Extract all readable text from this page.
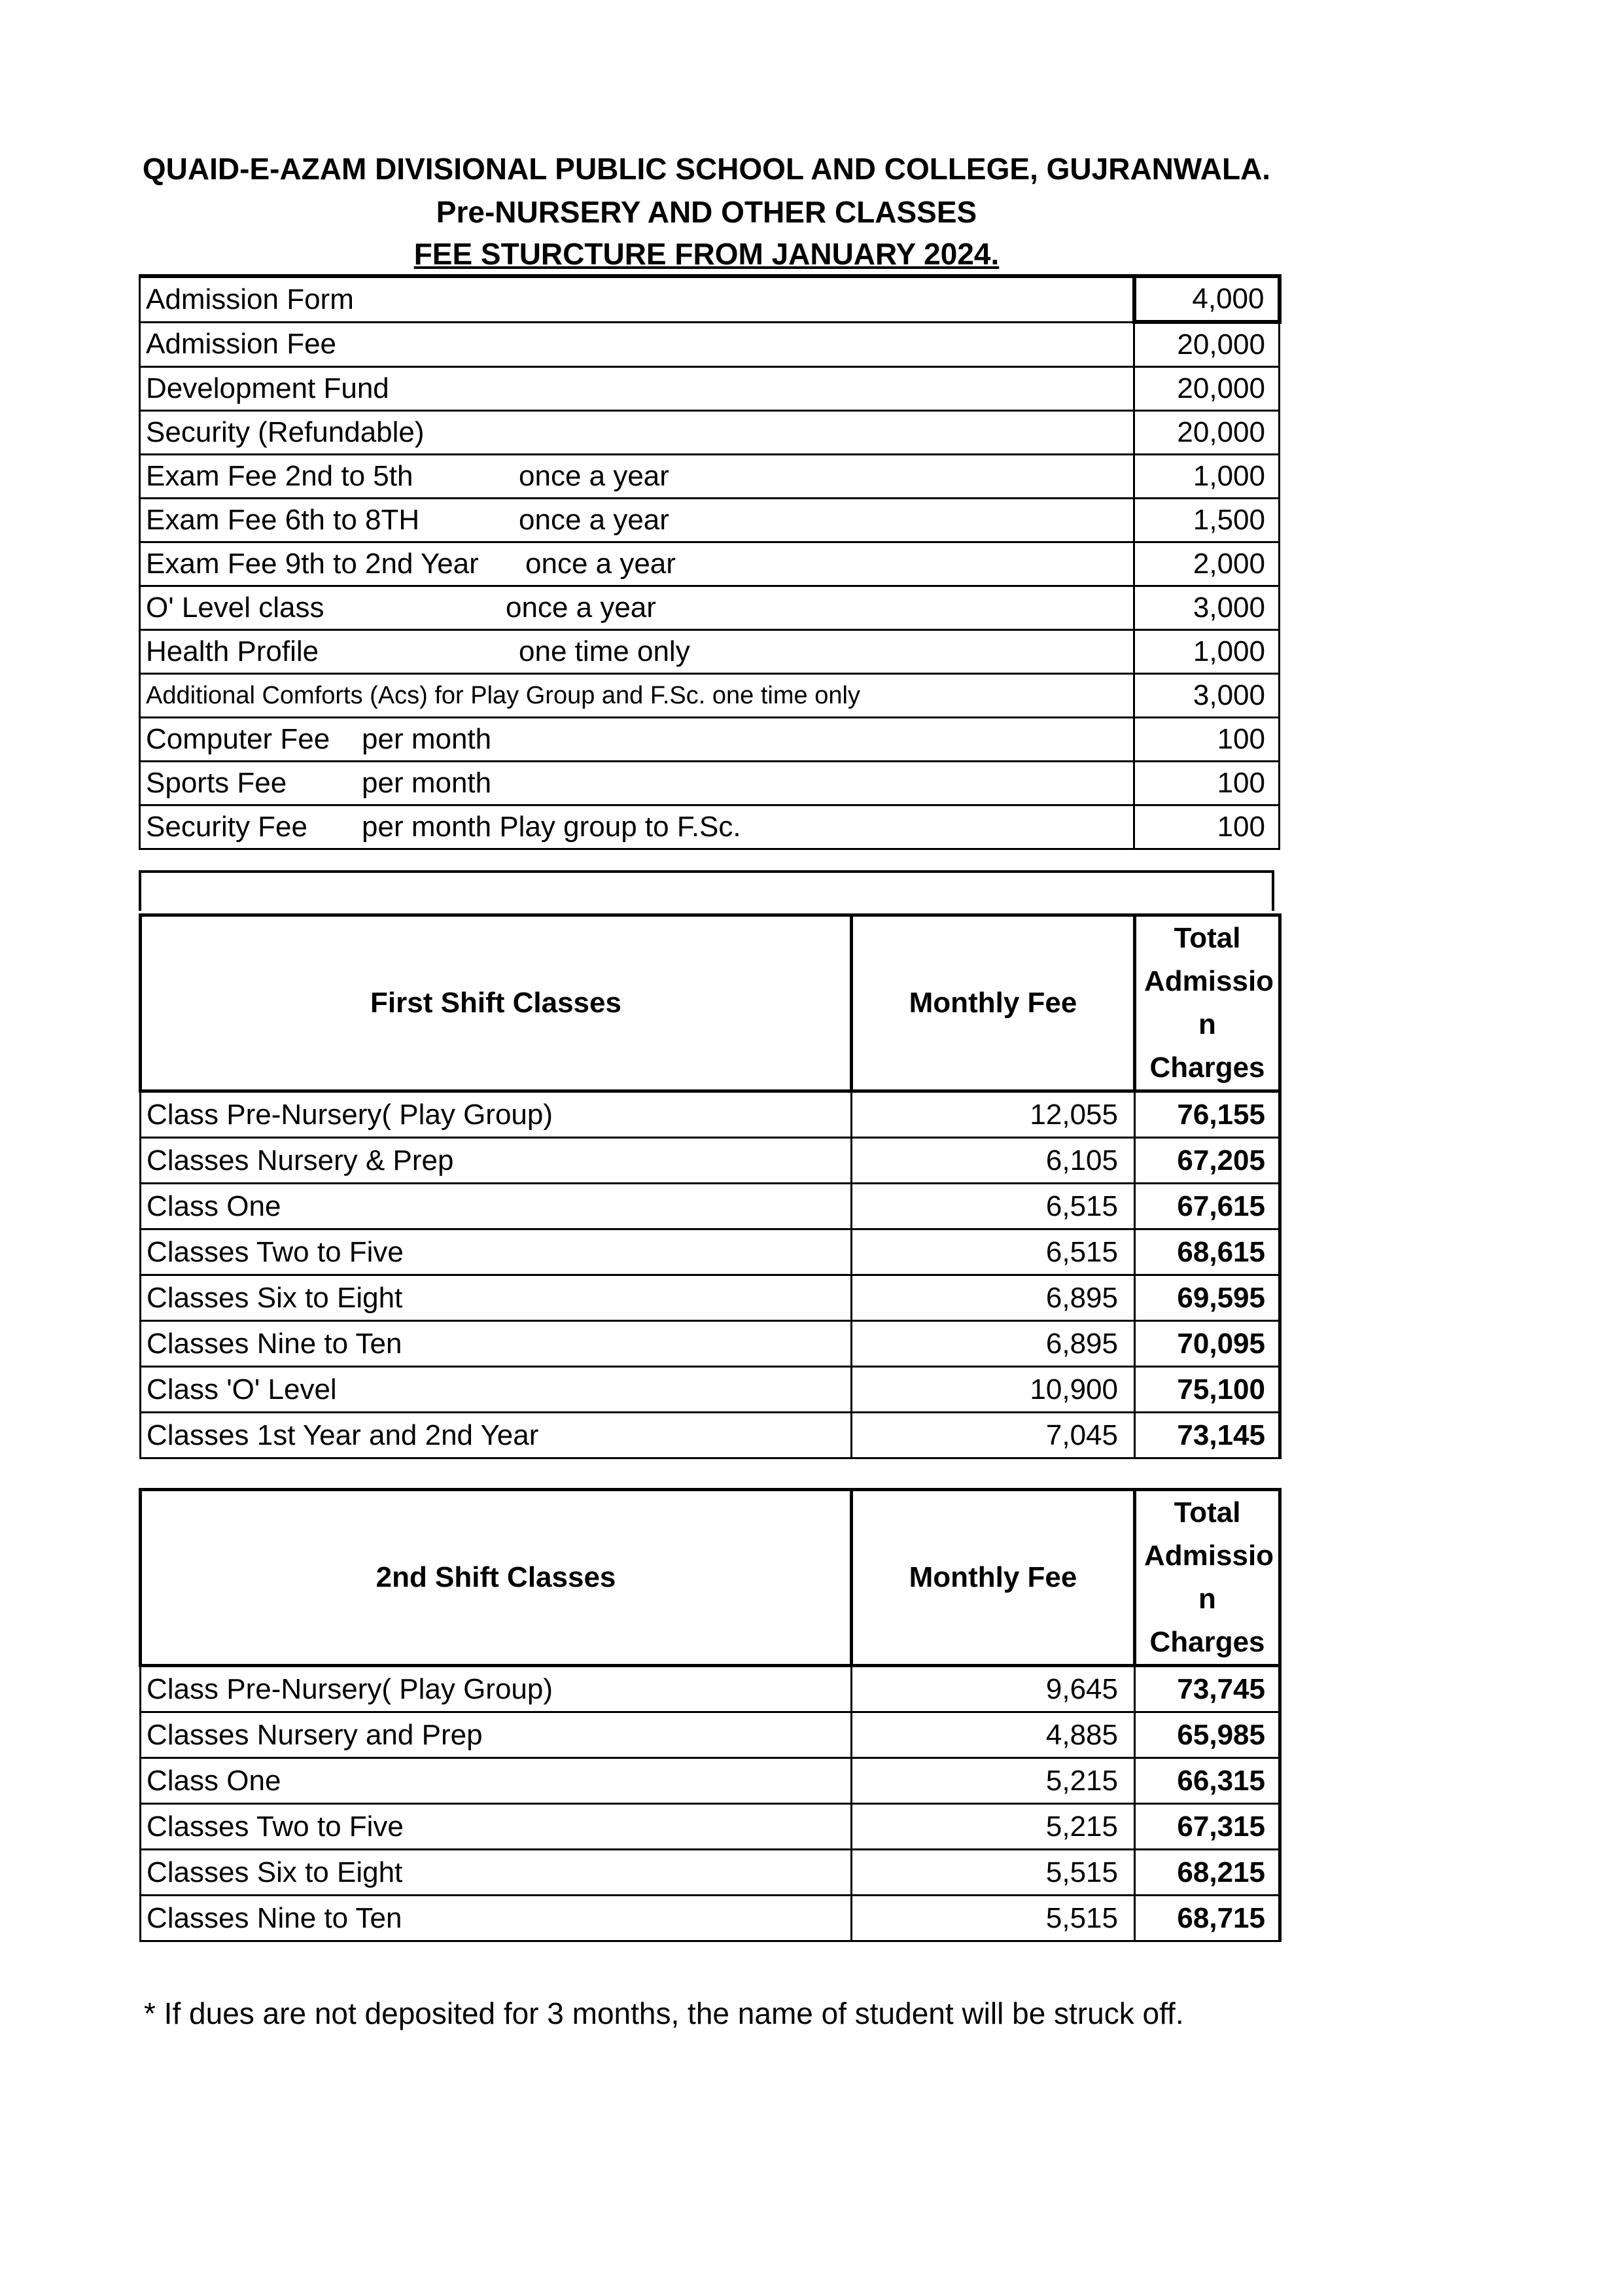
QUAID-E-AZAM DIVISIONAL PUBLIC SCHOOL AND COLLEGE, GUJRANWALA.
Pre-NURSERY AND OTHER CLASSES
FEE STURCTURE FROM JANUARY 2024.
Admission Form	4,000
Admission Fee	20,000
Development Fund	20,000
Security (Refundable)	20,000
Exam Fee 2nd to 5th once a year	1,000
Exam Fee 6th to 8TH once a year	1,500
Exam Fee 9th to 2nd Year once a year	2,000
O' Level class once a year	3,000
Health Profile one time only	1,000
Additional Comforts (Acs) for Play Group and F.Sc. one time only	3,000
Computer Fee per month	100
Sports Fee per month	100
Security Fee per month Play group to F.Sc.	100
First Shift Classes	Monthly Fee	Total
Admissio
n
Charges

Class Pre-Nursery( Play Group)	12,055	76,155
Classes Nursery & Prep	6,105	67,205
Class One	6,515	67,615
Classes Two to Five	6,515	68,615
Classes Six to Eight	6,895	69,595
Classes Nine to Ten	6,895	70,095
Class 'O' Level	10,900	75,100
Classes 1st Year and 2nd Year	7,045	73,145
2nd Shift Classes	Monthly Fee	Total
Admissio
n
Charges

Class Pre-Nursery( Play Group)	9,645	73,745
Classes Nursery and Prep	4,885	65,985
Class One	5,215	66,315
Classes Two to Five	5,215	67,315
Classes Six to Eight	5,515	68,215
Classes Nine to Ten	5,515	68,715
* If dues are not deposited for 3 months, the name of student will be struck off.
